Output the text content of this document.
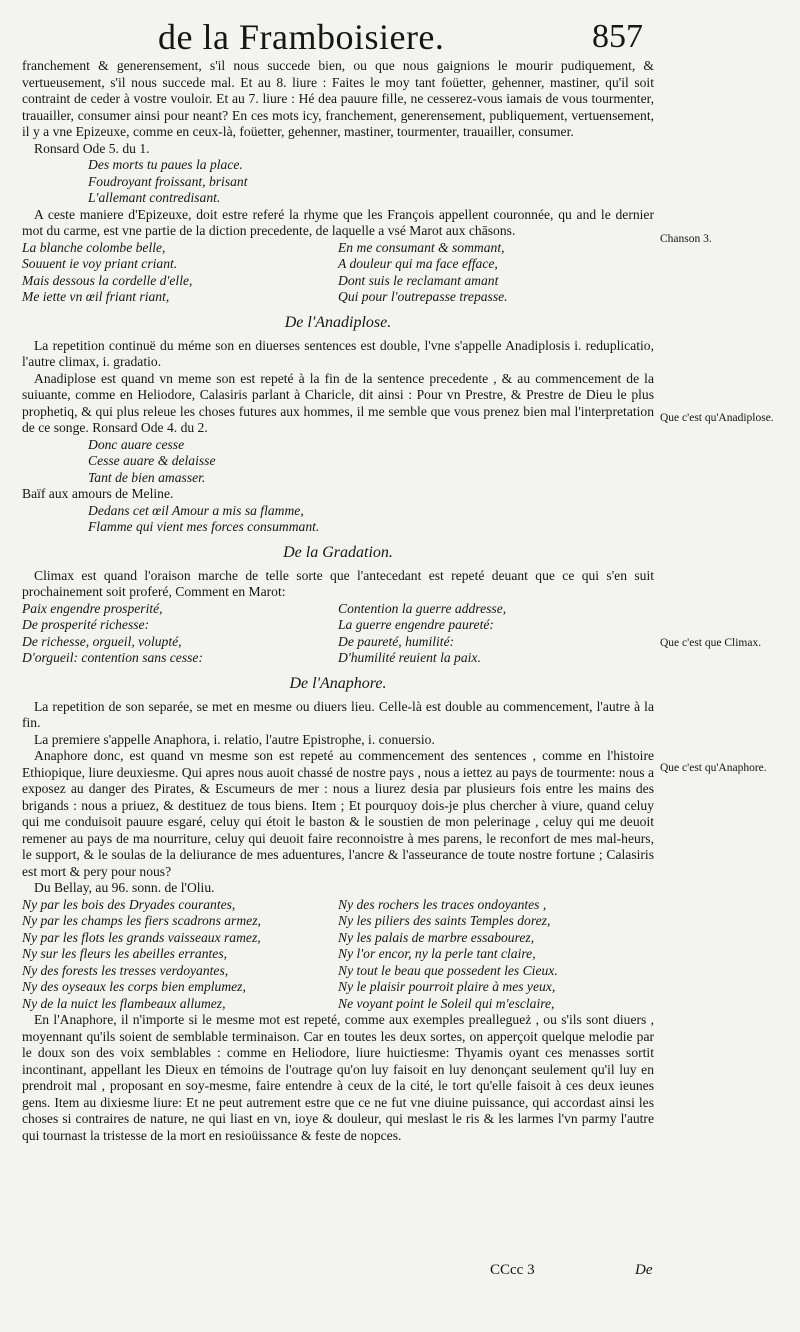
de la Framboisiere.	857
Chanson 3.
Que c'est qu'Anadiplose.
Que c'est que Climax.
Que c'est qu'Anaphore.

franchement & generensement, s'il nous succede bien, ou que nous gaignions le mourir pudiquement, & vertueusement, s'il nous succede mal. Et au 8. liure : Faites le moy tant foüetter, gehenner, mastiner, qu'il soit contraint de ceder à vostre vouloir. Et au 7. liure : Hé dea pauure fille, ne cesserez-vous iamais de vous tourmenter, trauailler, consumer ainsi pour neant? En ces mots icy, franchement, generensement, publiquement, vertuensement, il y a vne Epizeuxe, comme en ceux-là, foüetter, gehenner, mastiner, tourmenter, trauailler, consumer.

Ronsard Ode 5. du 1.

Des morts tu paues la place.

Foudroyant froissant, brisant

L'allemant contredisant.

A ceste maniere d'Epizeuxe, doit estre referé la rhyme que les François appellent couronnée, qu and le dernier mot du carme, est vne partie de la diction precedente, de laquelle a vsé Marot aux chāsons.

La blanche colombe belle,
Souuent ie voy priant criant.
Mais dessous la cordelle d'elle,
Me iette vn œil friant riant,
En me consumant & sommant,
A douleur qui ma face efface,
Dont suis le reclamant amant
Qui pour l'outrepasse trepasse.
De l'Anadiplose.

La repetition continuë du méme son en diuerses sentences est double, l'vne s'appelle Anadiplosis i. reduplicatio, l'autre climax, i. gradatio.

Anadiplose est quand vn meme son est repeté à la fin de la sentence precedente , & au commencement de la suiuante, comme en Heliodore, Calasiris parlant à Charicle, dit ainsi : Pour vn Prestre, & Prestre de Dieu le plus prophetiq, & qui plus releue les choses futures aux hommes, il me semble que vous prenez bien mal l'interpretation de ce songe. Ronsard Ode 4. du 2.

Donc auare cesse

Cesse auare & delaisse

Tant de bien amasser.

Baïf aux amours de Meline.

Dedans cet œil Amour a mis sa flamme,

Flamme qui vient mes forces consummant.

De la Gradation.

Climax est quand l'oraison marche de telle sorte que l'antecedant est repeté deuant que ce qui s'en suit prochainement soit proferé, Comment en Marot:

Paix engendre prosperité,
De prosperité richesse:
De richesse, orgueil, volupté,
D'orgueil: contention sans cesse:
Contention la guerre addresse,
La guerre engendre paureté:
De paureté, humilité:
D'humilité reuient la paix.
De l'Anaphore.

La repetition de son separée, se met en mesme ou diuers lieu. Celle-là est double au commencement, l'autre à la fin.

La premiere s'appelle Anaphora, i. relatio, l'autre Epistrophe, i. conuersio.

Anaphore donc, est quand vn mesme son est repeté au commencement des sentences , comme en l'histoire Ethiopique, liure deuxiesme. Qui apres nous auoit chassé de nostre pays , nous a iettez au pays de tourmente: nous a exposez au danger des Pirates, & Escumeurs de mer : nous a liurez desia par plusieurs fois entre les mains des brigands : nous a priuez, & destituez de tous biens. Item ; Et pourquoy dois-je plus chercher à viure, quand celuy qui me conduisoit pauure esgaré, celuy qui étoit le baston & le soustien de mon pelerinage , celuy qui me deuoit remener au pays de ma nourriture, celuy qui deuoit faire reconnoistre à mes parens, le reconfort de mes mal-heurs, le support, & le soulas de la deliurance de mes aduentures, l'ancre & l'asseurance de toute nostre fortune ; Calasiris est mort & pery pour nous?

Du Bellay, au 96. sonn. de l'Oliu.

Ny par les bois des Dryades courantes,
Ny par les champs les fiers scadrons armez,
Ny par les flots les grands vaisseaux ramez,
Ny sur les fleurs les abeilles errantes,
Ny des forests les tresses verdoyantes,
Ny des oyseaux les corps bien emplumez,
Ny de la nuict les flambeaux allumez,
Ny des rochers les traces ondoyantes ,
Ny les piliers des saints Temples dorez,
Ny les palais de marbre essabourez,
Ny l'or encor, ny la perle tant claire,
Ny tout le beau que possedent les Cieux.
Ny le plaisir pourroit plaire à mes yeux,
Ne voyant point le Soleil qui m'esclaire,

En l'Anaphore, il n'importe si le mesme mot est repeté, comme aux exemples preallegueż , ou s'ils sont diuers , moyennant qu'ils soient de semblable terminaison. Car en toutes les deux sortes, on apperçoit quelque melodie par le doux son des voix semblables : comme en Heliodore, liure huictiesme: Thyamis oyant ces menasses sortit incontinant, appellant les Dieux en témoins de l'outrage qu'on luy faisoit en luy denonçant seulement qu'il luy en prendroit mal , proposant en soy-mesme, faire entendre à ceux de la cité, le tort qu'elle faisoit à ces deux ieunes gens. Item au dixiesme liure: Et ne peut autrement estre que ce ne fut vne diuine puissance, qui accordast ainsi les choses si contraires de nature, ne qui liast en vn, ioye & douleur, qui meslast le ris & les larmes l'vn parmy l'autre qui tournast la tristesse de la mort en resioüissance & feste de nopces.

CCcc 3	De
